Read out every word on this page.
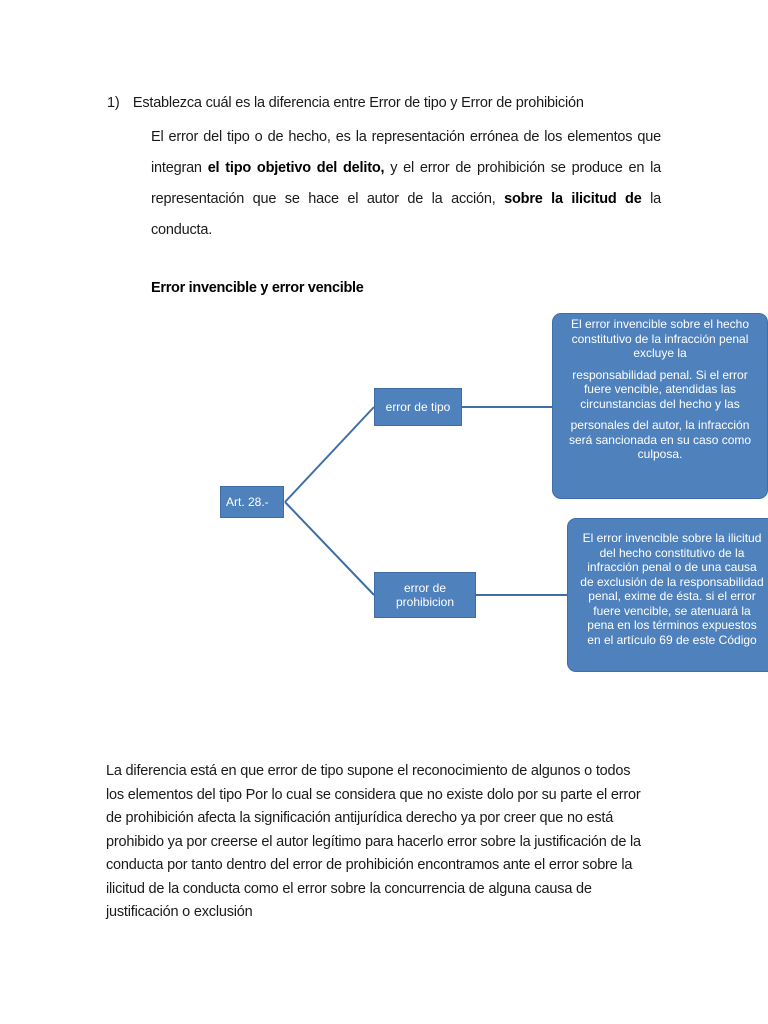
1) Establezca cuál es la diferencia entre Error de tipo y Error de prohibición
El error del tipo o de hecho, es la representación errónea de los elementos que integran el tipo objetivo del delito, y el error de prohibición se produce en la representación que se hace el autor de la acción, sobre la ilicitud de la conducta.
Error invencible y error vencible
Art. 28.-
error de tipo
error de
prohibicion

El error invencible sobre el hecho

constitutivo de la infracción penal

excluye la

responsabilidad penal. Si el error

fuere vencible, atendidas las

circunstancias del hecho y las

personales del autor, la infracción

será sancionada en su caso como

culposa.

El error invencible sobre la ilicitud

del hecho constitutivo de la

infracción penal o de una causa

de exclusión de la responsabilidad

penal, exime de ésta. si el error

fuere vencible, se atenuará la

pena en los términos expuestos

en el artículo 69 de este Código

La diferencia está en que error de tipo supone el reconocimiento de algunos o todos
los elementos del tipo Por lo cual se considera que no existe dolo por su parte el error
de prohibición afecta la significación antijurídica derecho ya por creer que no está
prohibido ya por creerse el autor legítimo para hacerlo error sobre la justificación de la
conducta por tanto dentro del error de prohibición encontramos ante el error sobre la
ilicitud de la conducta como el error sobre la concurrencia de alguna causa de
justificación o exclusión
